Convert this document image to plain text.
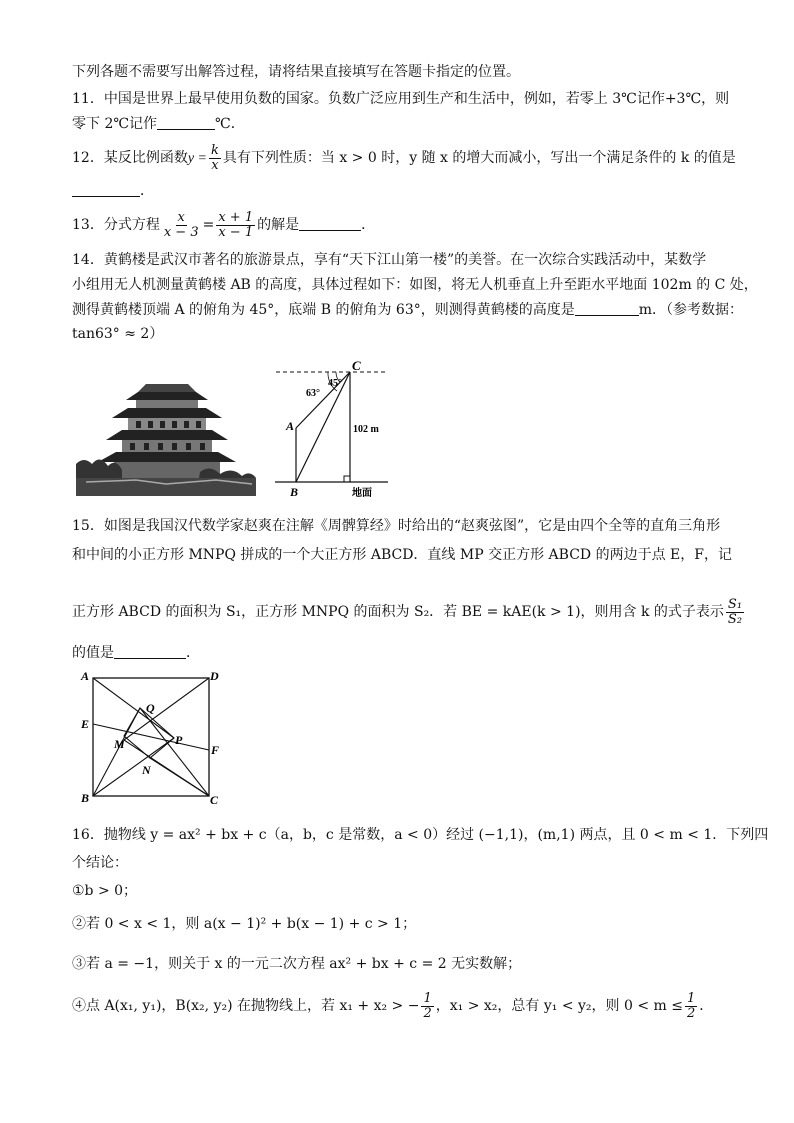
下列各题不需要写出解答过程，请将结果直接填写在答题卡指定的位置。
11．中国是世界上最早使用负数的国家。负数广泛应用到生产和生活中，例如，若零上 3℃记作+3℃，则
零下 2℃记作	℃．
12．某反比例函数$y = \frac{k}{x}$ 具有下列性质：当 x > 0 时，y 随 x 的增大而减小，写出一个满足条件的 k 的值是
．
13．分式方程 $\frac{x}{x - 3} = \frac{x + 1}{x - 1}$ 的解是	．
14．黄鹤楼是武汉市著名的旅游景点，享有“天下江山第一楼”的美誉。在一次综合实践活动中，某数学
小组用无人机测量黄鹤楼 AB 的高度，具体过程如下：如图，将无人机垂直上升至距水平地面 102m 的 C 处，
测得黄鹤楼顶端 A 的俯角为 45°，底端 B 的俯角为 63°，则测得黄鹤楼的高度是	m．（参考数据：
tan63° ≈ 2）
C
A
B
45°
63°
102 m
地面
15．如图是我国汉代数学家赵爽在注解《周髀算经》时给出的“赵爽弦图”，它是由四个全等的直角三角形
和中间的小正方形 MNPQ 拼成的一个大正方形 ABCD．直线 MP 交正方形 ABCD 的两边于点 E，F，记
正方形 ABCD 的面积为 S₁，正方形 MNPQ 的面积为 S₂．若 BE = kAE(k > 1)，则用含 k 的式子表示 $\frac{\text{S₁}}{\text{S₂}}$
的值是	．
A	D
B	C
E
F
M
N
P
Q
16．抛物线 y = ax² + bx + c（a，b，c 是常数，a < 0）经过 (−1,1)，(m,1) 两点，且 0 < m < 1．下列四
个结论：
①b > 0；
②若 0 < x < 1，则 a(x − 1)² + b(x − 1) + c > 1；
③若 a = −1，则关于 x 的一元二次方程 ax² + bx + c = 2 无实数解；
④点 A(x₁, y₁)，B(x₂, y₂) 在抛物线上，若 x₁ + x₂ > − $\frac{1}{2}$ ，x₁ > x₂，总有 y₁ < y₂，则 $0 < m \le \frac{1}{2}$ ．
